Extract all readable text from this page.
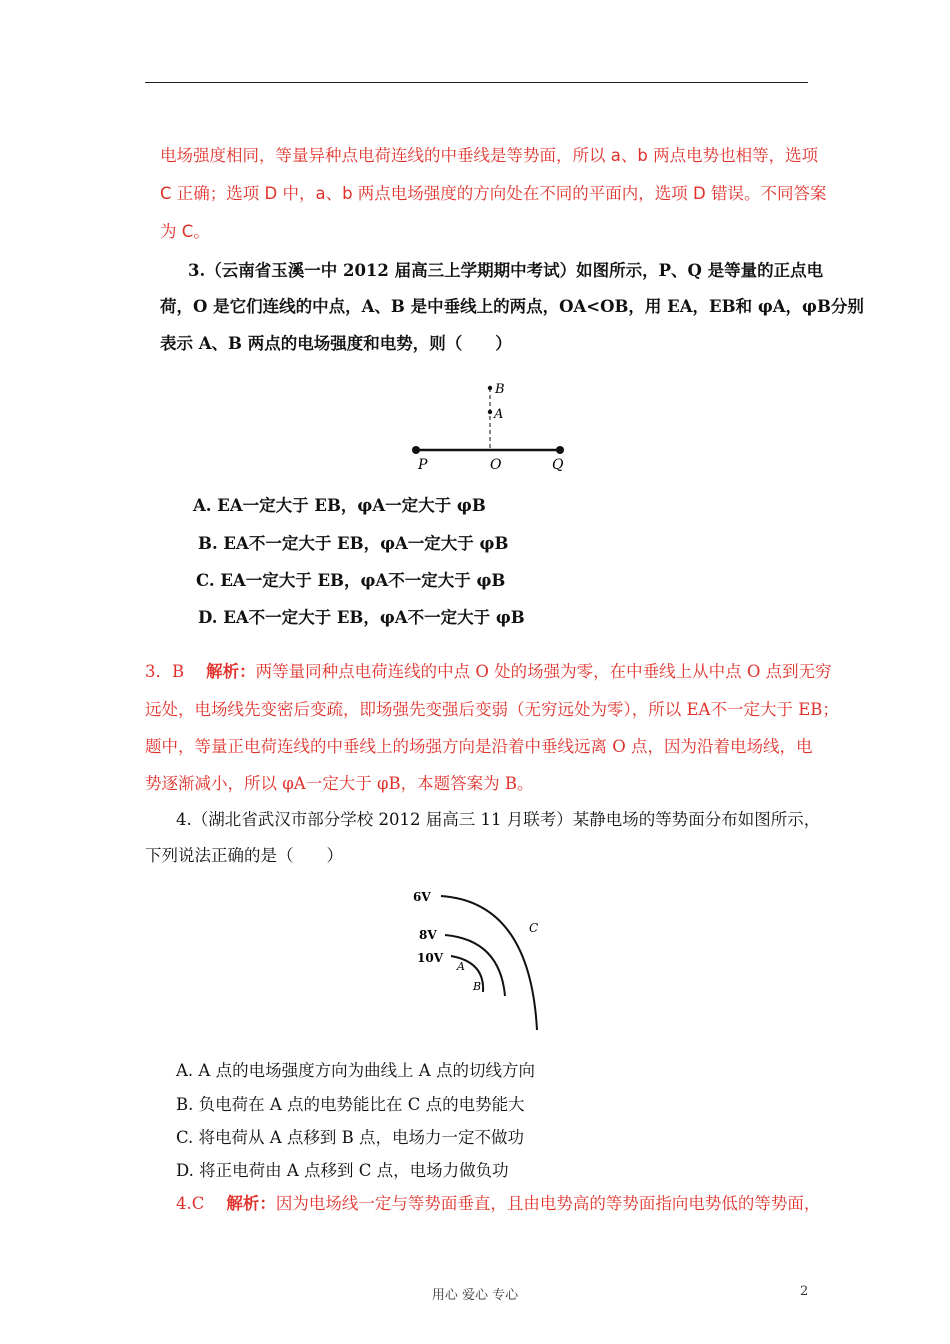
电场强度相同，等量异种点电荷连线的中垂线是等势面，所以 a、b 两点电势也相等，选项
C 正确；选项 D 中，a、b 两点电场强度的方向处在不同的平面内，选项 D 错误。不同答案
为 C。
3.（云南省玉溪一中 2012 届高三上学期期中考试）如图所示，P、Q 是等量的正点电
荷，O 是它们连线的中点，A、B 是中垂线上的两点，OA<OB，用 EA，EB和 φA，φB分别
表示 A、B 两点的电场强度和电势，则（　　）
B
A
P	O	Q
A. EA一定大于 EB，φA一定大于 φB
B. EA不一定大于 EB，φA一定大于 φB
C. EA一定大于 EB，φA不一定大于 φB
D. EA不一定大于 EB，φA不一定大于 φB
3．B 解析：两等量同种点电荷连线的中点 O 处的场强为零，在中垂线上从中点 O 点到无穷
远处，电场线先变密后变疏，即场强先变强后变弱（无穷远处为零），所以 EA不一定大于 EB；
题中，等量正电荷连线的中垂线上的场强方向是沿着中垂线远离 O 点，因为沿着电场线，电
势逐渐减小，所以 φA一定大于 φB，本题答案为 B。
4.（湖北省武汉市部分学校 2012 届高三 11 月联考）某静电场的等势面分布如图所示，
下列说法正确的是（　　）
6V
8V
10V
A
B
C
A. A 点的电场强度方向为曲线上 A 点的切线方向
B. 负电荷在 A 点的电势能比在 C 点的电势能大
C. 将电荷从 A 点移到 B 点，电场力一定不做功
D. 将正电荷由 A 点移到 C 点，电场力做负功
4.C 解析：因为电场线一定与等势面垂直，且由电势高的等势面指向电势低的等势面，
用心 爱心 专心	2
